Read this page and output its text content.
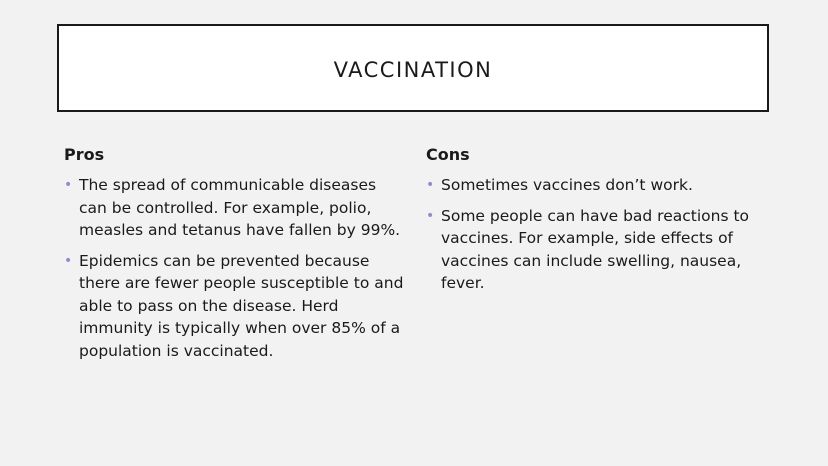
VACCINATION
Pros
• The spread of communicable diseases can be controlled. For example, polio, measles and tetanus have fallen by 99%.
• Epidemics can be prevented because there are fewer people susceptible to and able to pass on the disease. Herd immunity is typically when over 85% of a population is vaccinated.
Cons
• Sometimes vaccines don’t work.
• Some people can have bad reactions to vaccines. For example, side effects of vaccines can include swelling, nausea, fever.
